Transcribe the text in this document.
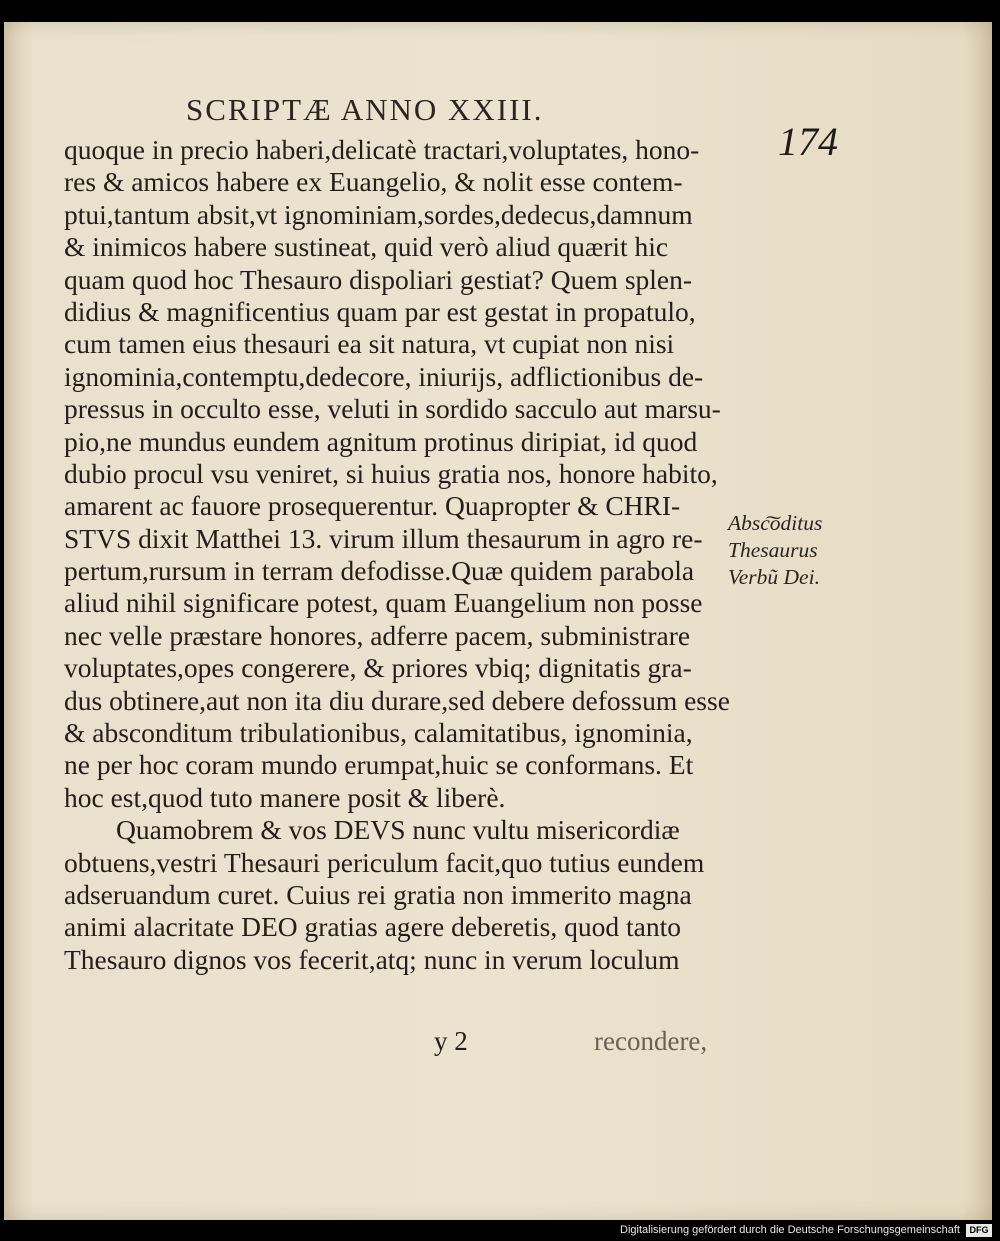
SCRIPTÆ ANNO XXIII.
174
quoque in precio haberi,delicatè tractari,voluptates, hono-
res & amicos habere ex Euangelio, & nolit esse contem-
ptui,tantum absit,vt ignominiam,sordes,dedecus,damnum
& inimicos habere sustineat, quid verò aliud quærit hic
quam quod hoc Thesauro dispoliari gestiat? Quem splen-
didius & magnificentius quam par est gestat in propatulo,
cum tamen eius thesauri ea sit natura, vt cupiat non nisi
ignominia,contemptu,dedecore, iniurijs, adflictionibus de-
pressus in occulto esse, veluti in sordido sacculo aut marsu-
pio,ne mundus eundem agnitum protinus diripiat, id quod
dubio procul vsu veniret, si huius gratia nos, honore habito,
amarent ac fauore prosequerentur. Quapropter & CHRI-
STVS dixit Matthei 13. virum illum thesaurum in agro re-
pertum,rursum in terram defodisse.Quæ quidem parabola
aliud nihil significare potest, quam Euangelium non posse
nec velle præstare honores, adferre pacem, subministrare
voluptates,opes congerere, & priores vbiq; dignitatis gra-
dus obtinere,aut non ita diu durare,sed debere defossum esse
& absconditum tribulationibus, calamitatibus, ignominia,
ne per hoc coram mundo erumpat,huic se conformans. Et
hoc est,quod tuto manere posit & liberè.
Quamobrem & vos DEVS nunc vultu misericordiæ
obtuens,vestri Thesauri periculum facit,quo tutius eundem
adseruandum curet. Cuius rei gratia non immerito magna
animi alacritate DEO gratias agere deberetis, quod tanto
Thesauro dignos vos fecerit,atq; nunc in verum loculum
Absc͠oditus
Thesaurus
Verbũ Dei.
y 2	recondere,
Digitalisierung gefördert durch die Deutsche Forschungsgemeinschaft	DFG
